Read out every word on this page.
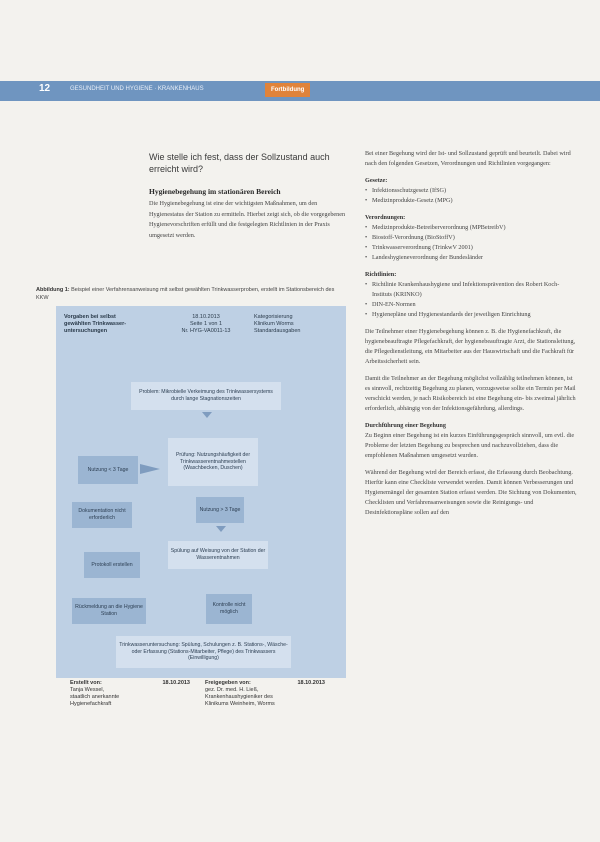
12	GESUNDHEIT UND HYGIENE · KRANKENHAUS	Fortbildung
Wie stelle ich fest, dass der Sollzustand auch erreicht wird?
Hygienebegehung im stationären Bereich
Die Hygienebegehung ist eine der wichtigsten Maßnahmen, um den Hygienestatus der Station zu ermitteln. Hierbei zeigt sich, ob die vorgegebenen Hygienevorschriften erfüllt und die festgelegten Richtlinien in der Praxis umgesetzt werden.

Bei einer Begehung wird der Ist- und Sollzustand geprüft und beurteilt. Dabei wird nach den folgenden Gesetzen, Verordnungen und Richtlinien vorgegangen:

Gesetze:

• Infektionsschutzgesetz (IfSG)
• Medizinprodukte-Gesetz (MPG)

Verordnungen:

• Medizinprodukte-Betreiberverordnung (MPBetreibV)
• Biostoff-Verordnung (BioStoffV)
• Trinkwasserverordnung (TrinkwV 2001)
• Landeshygieneverordnung der Bundesländer

Richtlinien:

• Richtlinie Krankenhaushygiene und Infektionsprävention des Robert Koch-Instituts (KRINKO)
• DIN-EN-Normen
• Hygienepläne und Hygienestandards der jeweiligen Einrichtung

Die Teilnehmer einer Hygienebegehung können z. B. die Hygienefachkraft, die hygienebeauftragte Pflegefachkraft, der hygienebeauftragte Arzt, die Stationsleitung, die Pflegedienstleitung, ein Mitarbeiter aus der Hauswirtschaft und die Fachkraft für Arbeitssicherheit sein.

Damit die Teilnehmer an der Begehung möglichst vollzählig teilnehmen können, ist es sinnvoll, rechtzeitig Begehung zu planen, vorzugsweise sollte ein Termin per Mail verschickt werden, je nach Risikobereich ist eine Begehung ein- bis zweimal jährlich erforderlich, abhängig von der Infektionsgefährdung, allerdings.

Durchführung einer Begehung

Zu Beginn einer Begehung ist ein kurzes Einführungsgespräch sinnvoll, um evtl. die Probleme der letzten Begehung zu besprechen und nachzuvollziehen, dass die empfohlenen Maßnahmen umgesetzt wurden.

Während der Begehung wird der Bereich erfasst, die Erfassung durch Beobachtung. Hierfür kann eine Checkliste verwendet werden. Damit können Verbesserungen und Hygienemängel der gesamten Station erfasst werden. Die Sichtung von Dokumenten, Checklisten und Verfahrensanweisungen sowie die Reinigungs- und Desinfektionspläne sollen auf den

Abbildung 1: Beispiel einer Verfahrensanweisung mit selbst gewählten Trinkwasserproben, erstellt im Stationsbereich des KKW
Vorgaben bei selbst
gewählten Trinkwasser-
untersuchungen
18.10.2013
Seite 1 von 1
Nr. HYG-VA0011-13
Kategorisierung
Klinikum Worms
Standardausgaben
Problem: Mikrobielle Verkeimung des Trinkwassersystems durch lange Stagnationszeiten
Prüfung: Nutzungshäufigkeit der Trinkwasserentnahmestellen (Waschbecken, Duschen)
Nutzung < 3 Tage
Dokumentation nicht erforderlich
Nutzung > 3 Tage
Spülung auf Weisung von der Station der Wasserentnahmen
Protokoll erstellen
Rückmeldung an die Hygiene Station
Kontrolle nicht möglich
Trinkwasseruntersuchung: Spülung, Schulungen z. B. Stations-, Wäsche- oder Erfassung (Stations-Mitarbeiter, Pflege) des Trinkwassers (Einwilligung)
Erstellt von:	18.10.2013

Tanja Wessel,
staatlich anerkannte
Hygienefachkraft
Freigegeben von:	18.10.2013

gez. Dr. med. H. Ließ,
Krankenhaushygieniker des
Klinikums Weinheim, Worms
